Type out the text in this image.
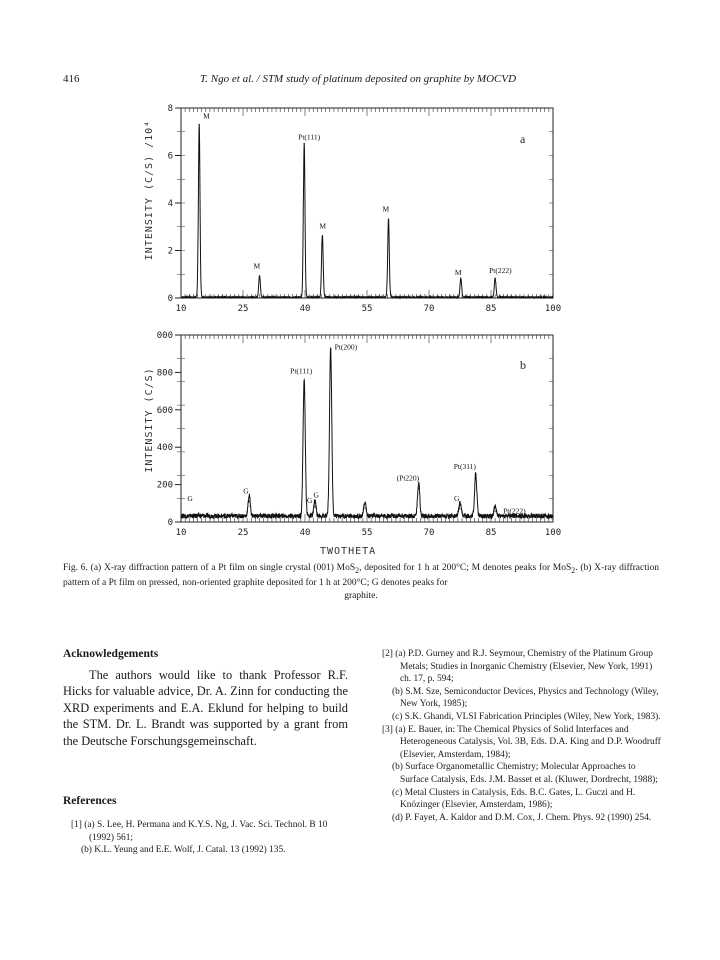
416	T. Ngo et al. / STM study of platinum deposited on graphite by MOCVD
10	25	40	55	70	85	100
0
2
4
6
8
INTENSITY (C/S) /10⁴	a
M
Pt(111)
M
M
M
M	Pt(222)
10	25	40	55	70	85	100
0
200
400
600
800
000
INTENSITY (C/S)
b
Pt(200)
Pt(111)
(Pt220)
Pt(311)
G
G
G
G	G
G
Pt(222)
TWOTHETA
Fig. 6. (a) X-ray diffraction pattern of a Pt film on single crystal (001) MoS$_2$, deposited for 1 h at 200°C; M denotes peaks for MoS$_2$. (b) X-ray diffraction pattern of a Pt film on pressed, non-oriented graphite deposited for 1 h at 200°C; G denotes peaks for
graphite.
Acknowledgements
The authors would like to thank Professor R.F. Hicks for valuable advice, Dr. A. Zinn for conducting the XRD experiments and E.A. Eklund for helping to build the STM. Dr. L. Brandt was supported by a grant from the Deutsche Forschungsgemeinschaft.
References

[1] (a) S. Lee, H. Permana and K.Y.S. Ng, J. Vac. Sci. Technol. B 10 (1992) 561;

(b) K.L. Yeung and E.E. Wolf, J. Catal. 13 (1992) 135.

[2] (a) P.D. Gurney and R.J. Seymour, Chemistry of the Platinum Group Metals; Studies in Inorganic Chemistry (Elsevier, New York, 1991) ch. 17, p. 594;

(b) S.M. Sze, Semiconductor Devices, Physics and Technology (Wiley, New York, 1985);

(c) S.K. Ghandi, VLSI Fabrication Principles (Wiley, New York, 1983).

[3] (a) E. Bauer, in: The Chemical Physics of Solid Interfaces and Heterogeneous Catalysis, Vol. 3B, Eds. D.A. King and D.P. Woodruff (Elsevier, Amsterdam, 1984);

(b) Surface Organometallic Chemistry; Molecular Approaches to Surface Catalysis, Eds. J.M. Basset et al. (Kluwer, Dordrecht, 1988);

(c) Metal Clusters in Catalysis, Eds. B.C. Gates, L. Guczi and H. Knözinger (Elsevier, Amsterdam, 1986);

(d) P. Fayet, A. Kaldor and D.M. Cox, J. Chem. Phys. 92 (1990) 254.
